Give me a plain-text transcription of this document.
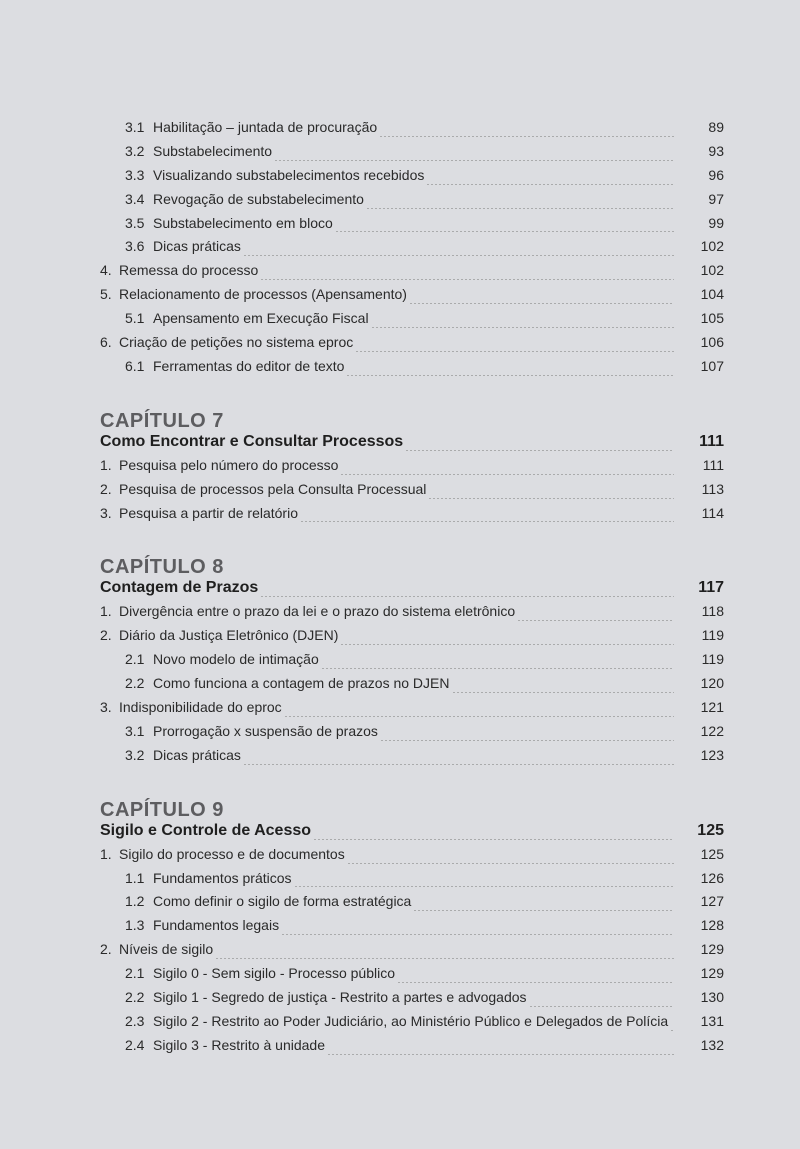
3.1 Habilitação – juntada de procuração	89
3.2 Substabelecimento	93
3.3 Visualizando substabelecimentos recebidos	96
3.4 Revogação de substabelecimento	97
3.5 Substabelecimento em bloco	99
3.6 Dicas práticas	102
4. Remessa do processo	102
5. Relacionamento de processos (Apensamento)	104
5.1 Apensamento em Execução Fiscal	105
6. Criação de petições no sistema eproc	106
6.1 Ferramentas do editor de texto	107
CAPÍTULO 7
Como Encontrar e Consultar Processos	111
1. Pesquisa pelo número do processo	111
2. Pesquisa de processos pela Consulta Processual	113
3. Pesquisa a partir de relatório	114
CAPÍTULO 8
Contagem de Prazos	117
1. Divergência entre o prazo da lei e o prazo do sistema eletrônico	118
2. Diário da Justiça Eletrônico (DJEN)	119
2.1 Novo modelo de intimação	119
2.2 Como funciona a contagem de prazos no DJEN	120
3. Indisponibilidade do eproc	121
3.1 Prorrogação x suspensão de prazos	122
3.2 Dicas práticas	123
CAPÍTULO 9
Sigilo e Controle de Acesso	125
1. Sigilo do processo e de documentos	125
1.1 Fundamentos práticos	126
1.2 Como definir o sigilo de forma estratégica	127
1.3 Fundamentos legais	128
2. Níveis de sigilo	129
2.1 Sigilo 0 - Sem sigilo - Processo público	129
2.2 Sigilo 1 - Segredo de justiça - Restrito a partes e advogados	130
2.3 Sigilo 2 - Restrito ao Poder Judiciário, ao Ministério Público e Delegados de Polícia	131
2.4 Sigilo 3 - Restrito à unidade	132
